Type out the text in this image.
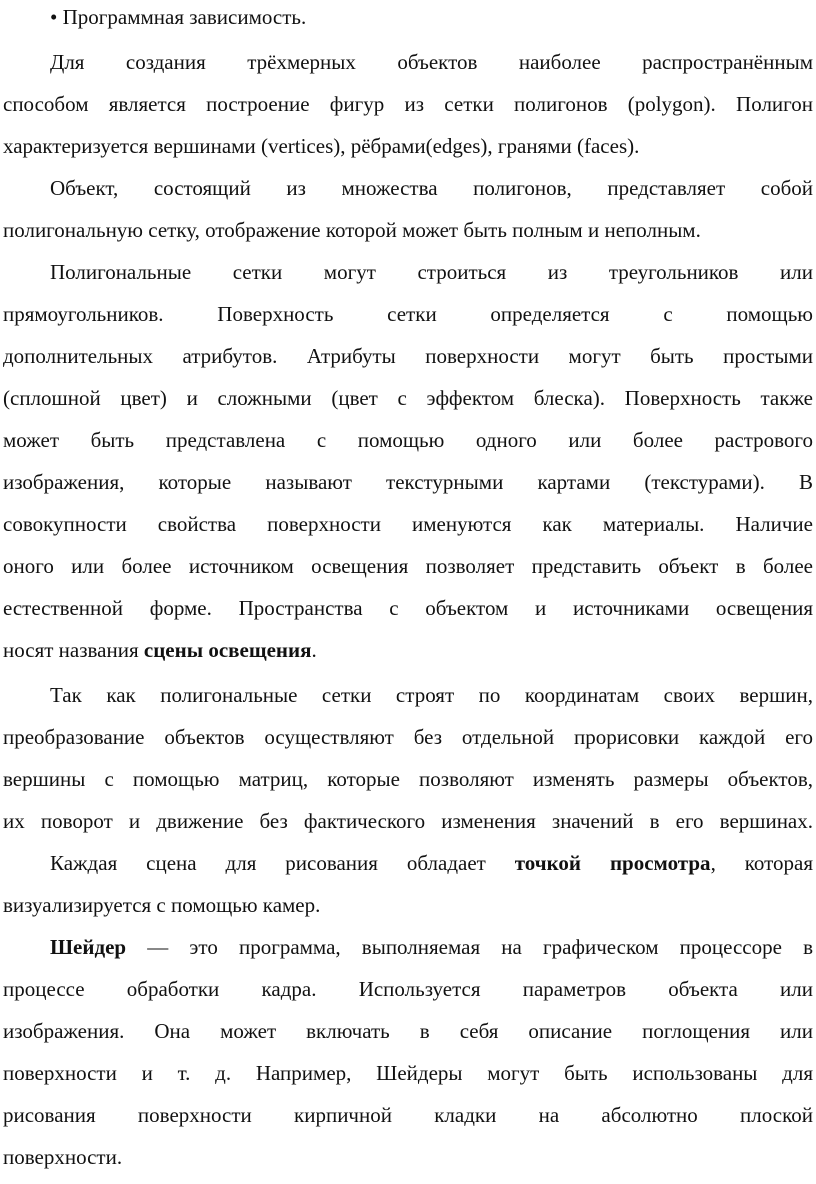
• Программная зависимость.
Для создания трёхмерных объектов наиболее распространённым
способом является построение фигур из сетки полигонов (polygon). Полигон
характеризуется вершинами (vertices), рёбрами(edges), гранями (faces).
Объект, состоящий из множества полигонов, представляет собой
полигональную сетку, отображение которой может быть полным и неполным.
Полигональные сетки могут строиться из треугольников или
прямоугольников. Поверхность сетки определяется с помощью
дополнительных атрибутов. Атрибуты поверхности могут быть простыми
(сплошной цвет) и сложными (цвет с эффектом блеска). Поверхность также
может быть представлена с помощью одного или более растрового
изображения, которые называют текстурными картами (текстурами). В
совокупности свойства поверхности именуются как материалы. Наличие
оного или более источником освещения позволяет представить объект в более
естественной форме. Пространства с объектом и источниками освещения
носят названия сцены освещения.
Так как полигональные сетки строят по координатам своих вершин,
преобразование объектов осуществляют без отдельной прорисовки каждой его
вершины с помощью матриц, которые позволяют изменять размеры объектов,
их поворот и движение без фактического изменения значений в его вершинах.
Каждая сцена для рисования обладает точкой просмотра, которая
визуализируется с помощью камер.
Шейдер — это программа, выполняемая на графическом процессоре в
процессе обработки кадра. Используется параметров объекта или
изображения. Она может включать в себя описание поглощения или
поверхности и т. д. Например, Шейдеры могут быть использованы для
рисования поверхности кирпичной кладки на абсолютно плоской
поверхности.
